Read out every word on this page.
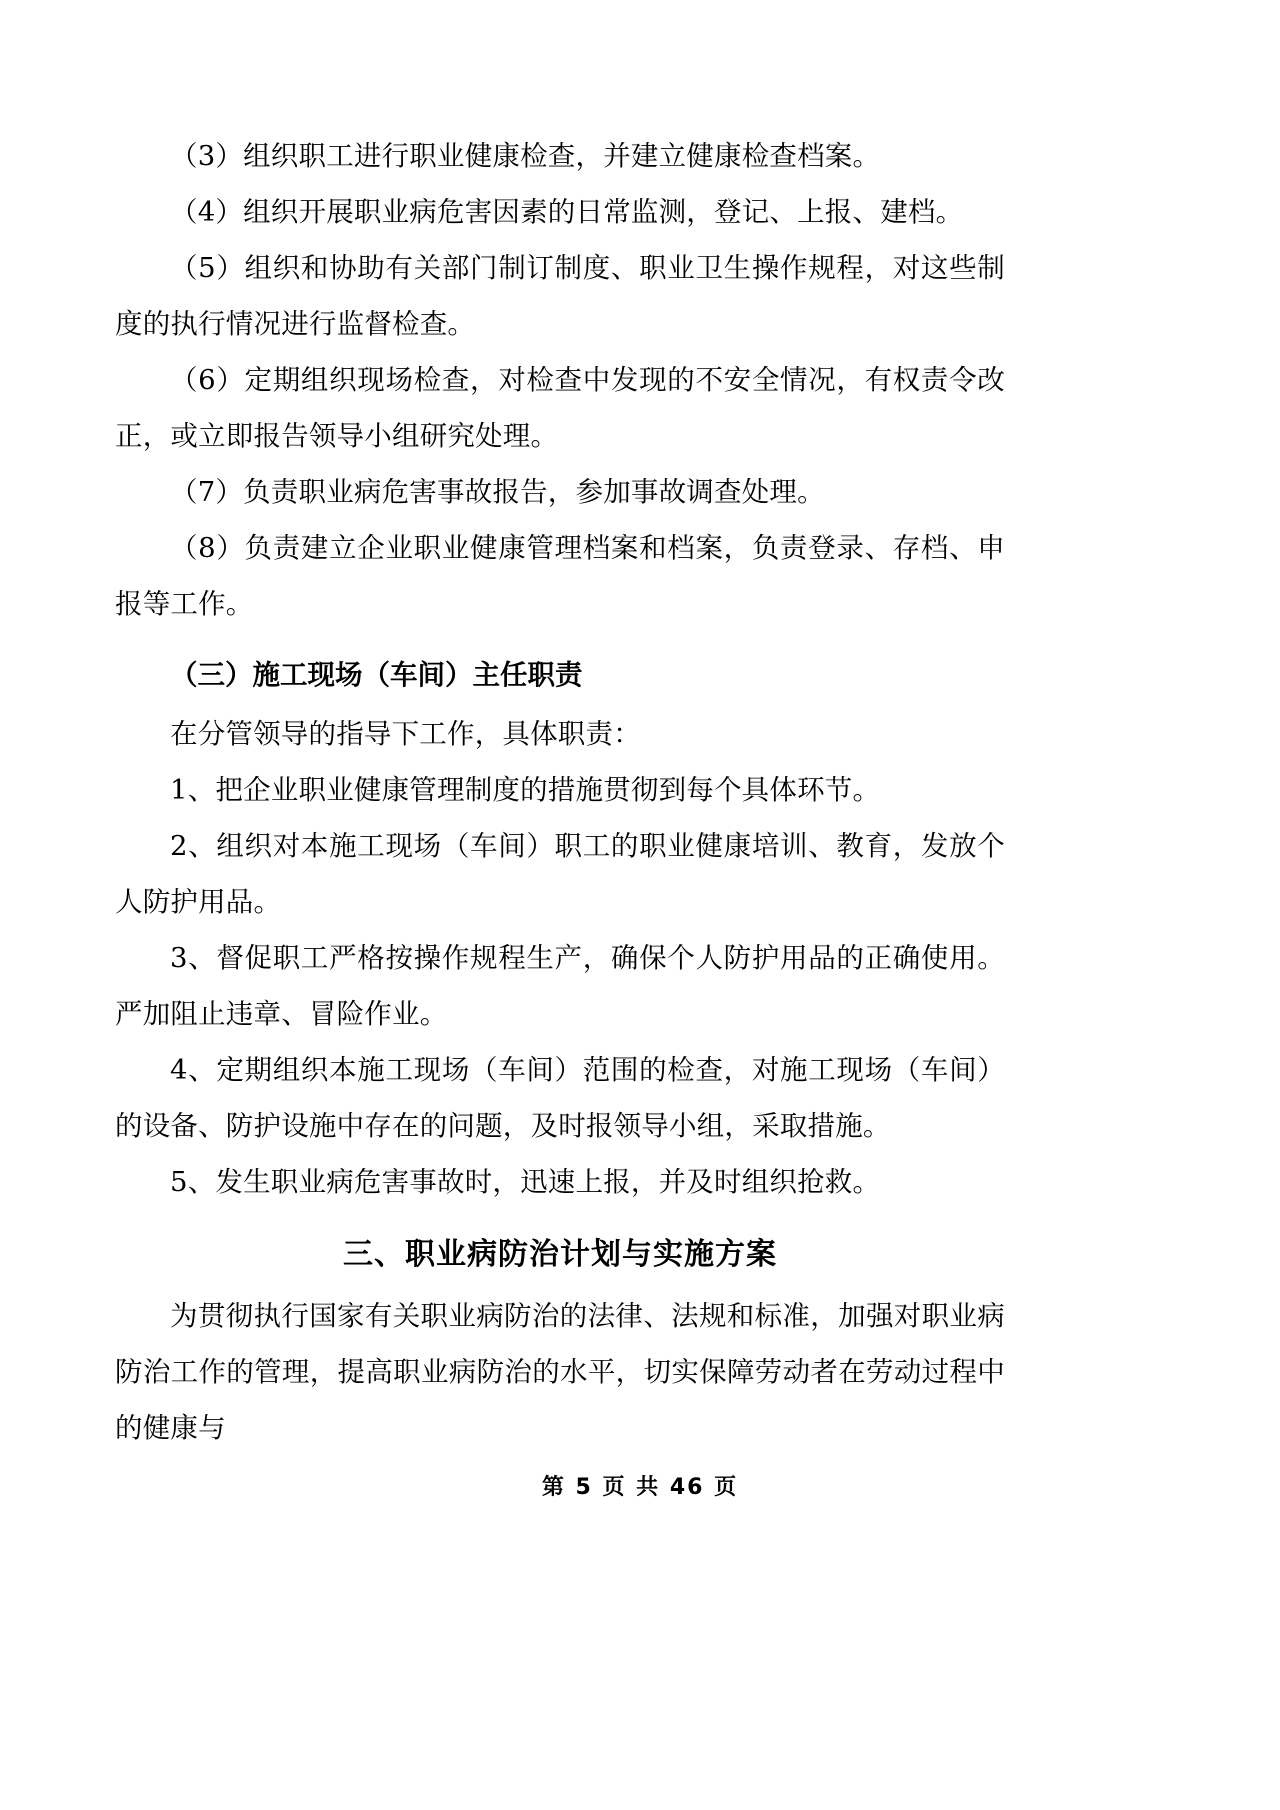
（3）组织职工进行职业健康检查，并建立健康检查档案。

（4）组织开展职业病危害因素的日常监测，登记、上报、建档。

（5）组织和协助有关部门制订制度、职业卫生操作规程，对这些制度的执行情况进行监督检查。

（6）定期组织现场检查，对检查中发现的不安全情况，有权责令改正，或立即报告领导小组研究处理。

（7）负责职业病危害事故报告，参加事故调查处理。

（8）负责建立企业职业健康管理档案和档案，负责登录、存档、申报等工作。

（三）施工现场（车间）主任职责

在分管领导的指导下工作，具体职责：

1、把企业职业健康管理制度的措施贯彻到每个具体环节。

2、组织对本施工现场（车间）职工的职业健康培训、教育，发放个人防护用品。

3、督促职工严格按操作规程生产，确保个人防护用品的正确使用。严加阻止违章、冒险作业。

4、定期组织本施工现场（车间）范围的检查，对施工现场（车间）的设备、防护设施中存在的问题，及时报领导小组，采取措施。

5、发生职业病危害事故时，迅速上报，并及时组织抢救。

三、职业病防治计划与实施方案

为贯彻执行国家有关职业病防治的法律、法规和标准，加强对职业病防治工作的管理，提高职业病防治的水平，切实保障劳动者在劳动过程中的健康与

第 5 页 共 46 页
